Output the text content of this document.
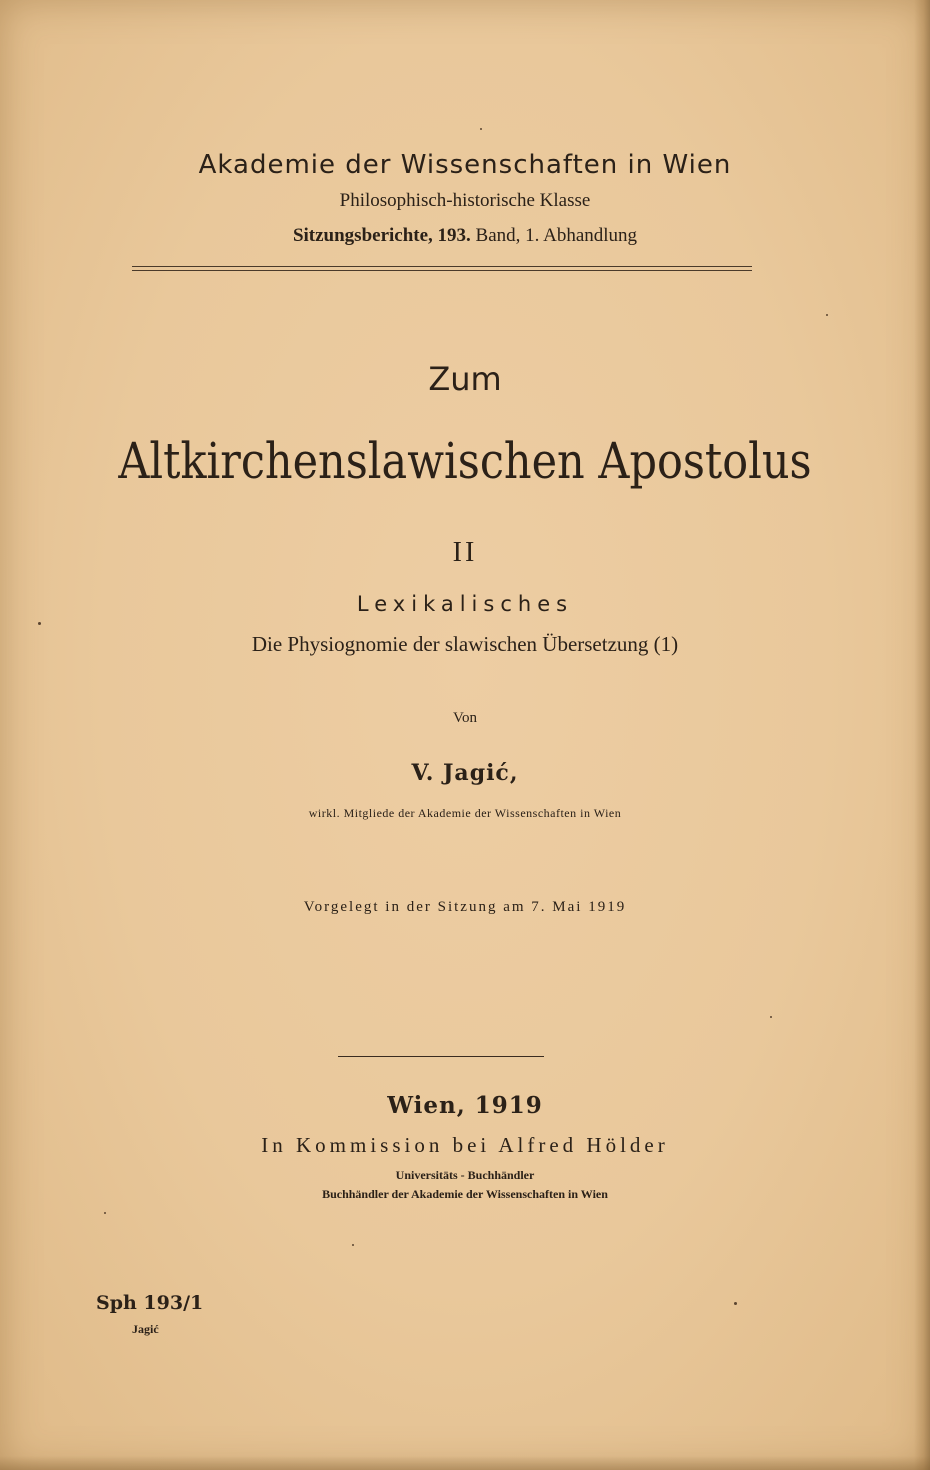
Akademie der Wissenschaften in Wien
Philosophisch-historische Klasse
Sitzungsberichte, 193. Band, 1. Abhandlung
Zum
Altkirchenslawischen Apostolus
II
Lexikalisches
Die Physiognomie der slawischen Übersetzung (1)
Von
V. Jagić,
wirkl. Mitgliede der Akademie der Wissenschaften in Wien
Vorgelegt in der Sitzung am 7. Mai 1919
Wien, 1919
In Kommission bei Alfred Hölder
Universitäts - Buchhändler
Buchhändler der Akademie der Wissenschaften in Wien
Sph 193/1
Jagić
